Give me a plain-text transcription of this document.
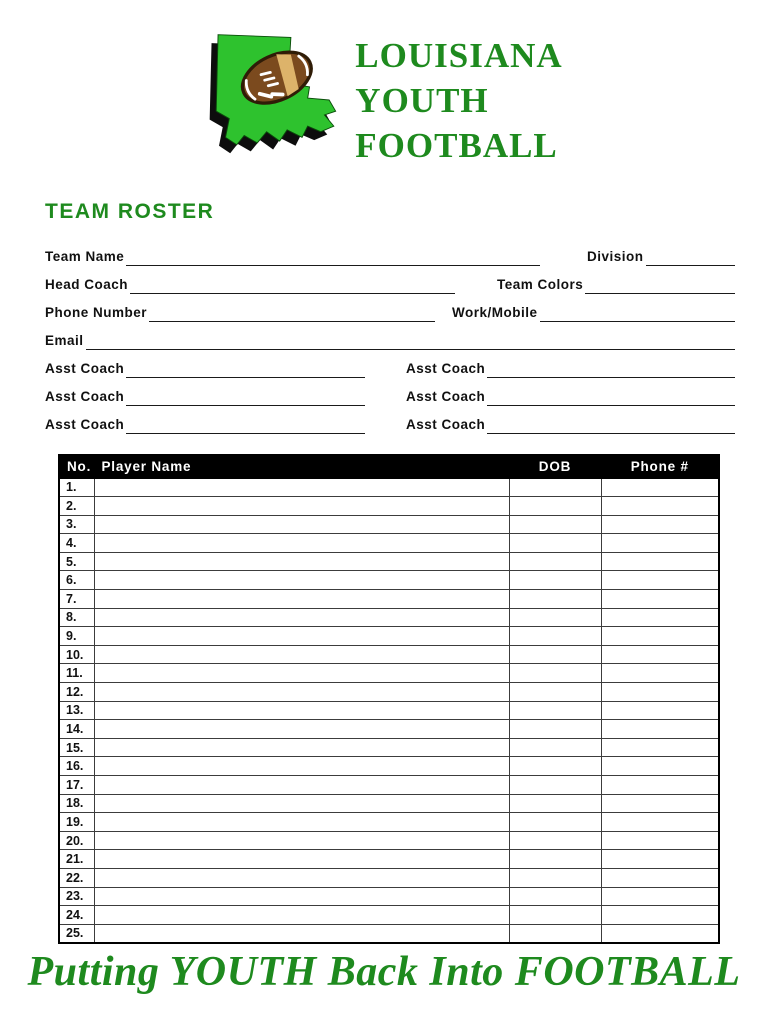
LOUISIANA
YOUTH
FOOTBALL
TEAM ROSTER
Team Name	Division
Head Coach	Team Colors
Phone Number	Work/Mobile
Email
Asst Coach	Asst Coach
Asst Coach	Asst Coach
Asst Coach	Asst Coach
No.	Player Name	DOB	Phone #
1.			
2.			
3.			
4.			
5.			
6.			
7.			
8.			
9.			
10.			
11.			
12.			
13.			
14.			
15.			
16.			
17.			
18.			
19.			
20.			
21.			
22.			
23.			
24.			
25.			
Putting YOUTH Back Into FOOTBALL
